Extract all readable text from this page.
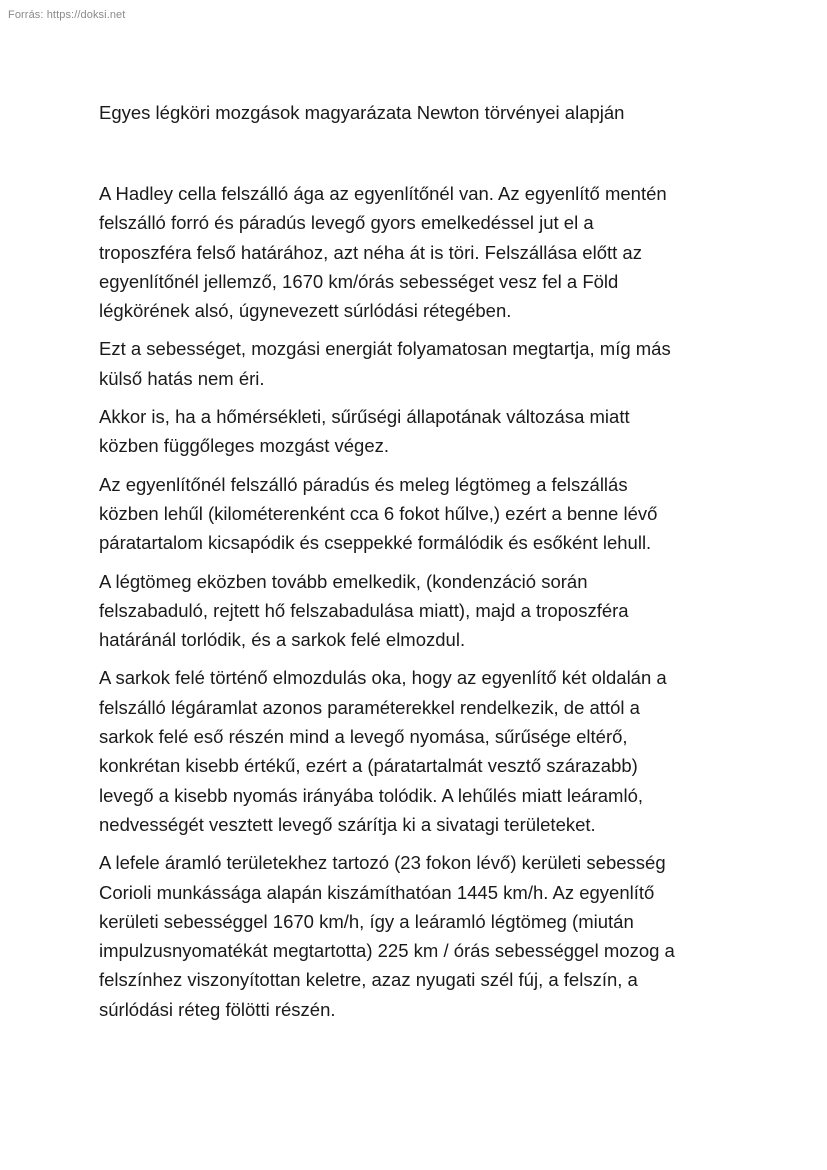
Forrás: https://doksi.net
Egyes légköri mozgások magyarázata Newton törvényei alapján

A Hadley cella felszálló ága az egyenlítőnél van. Az egyenlítő mentén
felszálló forró és páradús levegő gyors emelkedéssel jut el a
troposzféra felső határához, azt néha át is töri. Felszállása előtt az
egyenlítőnél jellemző, 1670 km/órás sebességet vesz fel a Föld
légkörének alsó, úgynevezett súrlódási rétegében.

Ezt a sebességet, mozgási energiát folyamatosan megtartja, míg más
külső hatás nem éri.

Akkor is, ha a hőmérsékleti, sűrűségi állapotának változása miatt
közben függőleges mozgást végez.

Az egyenlítőnél felszálló páradús és meleg légtömeg a felszállás
közben lehűl (kilométerenként cca 6 fokot hűlve,) ezért a benne lévő
páratartalom kicsapódik és cseppekké formálódik és esőként lehull.

A légtömeg eközben tovább emelkedik, (kondenzáció során
felszabaduló, rejtett hő felszabadulása miatt), majd a troposzféra
határánál torlódik, és a sarkok felé elmozdul.

A sarkok felé történő elmozdulás oka, hogy az egyenlítő két oldalán a
felszálló légáramlat azonos paraméterekkel rendelkezik, de attól a
sarkok felé eső részén mind a levegő nyomása, sűrűsége eltérő,
konkrétan kisebb értékű, ezért a (páratartalmát vesztő szárazabb)
levegő a kisebb nyomás irányába tolódik. A lehűlés miatt leáramló,
nedvességét vesztett levegő szárítja ki a sivatagi területeket.

A lefele áramló területekhez tartozó (23 fokon lévő) kerületi sebesség
Corioli munkássága alapán kiszámíthatóan 1445 km/h. Az egyenlítő
kerületi sebességgel 1670 km/h, így a leáramló légtömeg (miután
impulzusnyomatékát megtartotta) 225 km / órás sebességgel mozog a
felszínhez viszonyítottan keletre, azaz nyugati szél fúj, a felszín, a
súrlódási réteg fölötti részén.
